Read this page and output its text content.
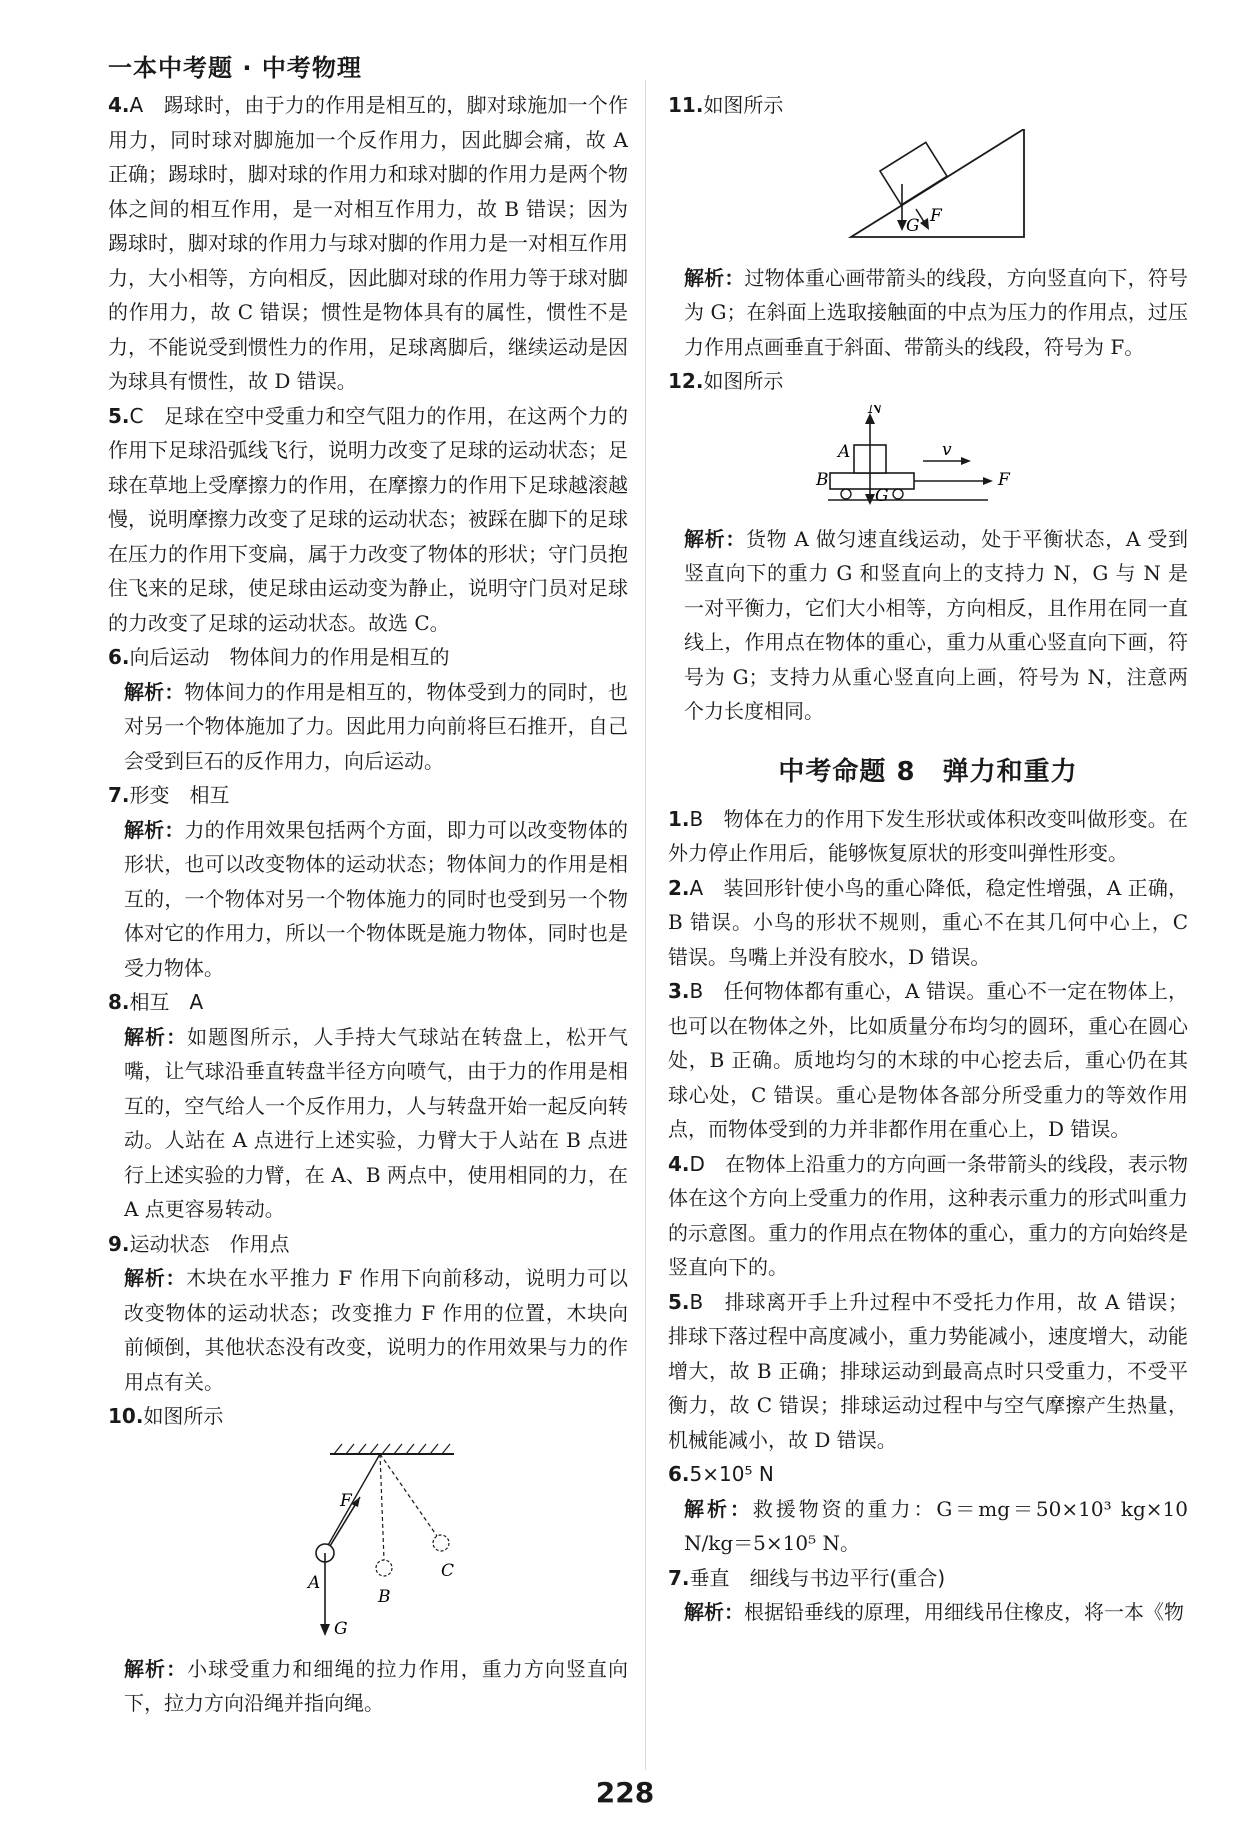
一本中考题 · 中考物理

4.A　 踢球时，由于力的作用是相互的，脚对球施加一个作用力，同时球对脚施加一个反作用力，因此脚会痛，故 A 正确；踢球时，脚对球的作用力和球对脚的作用力是两个物体之间的相互作用，是一对相互作用力，故 B 错误；因为踢球时，脚对球的作用力与球对脚的作用力是一对相互作用力，大小相等，方向相反，因此脚对球的作用力等于球对脚的作用力，故 C 错误；惯性是物体具有的属性，惯性不是力，不能说受到惯性力的作用，足球离脚后，继续运动是因为球具有惯性，故 D 错误。

5.C　 足球在空中受重力和空气阻力的作用，在这两个力的作用下足球沿弧线飞行，说明力改变了足球的运动状态；足球在草地上受摩擦力的作用，在摩擦力的作用下足球越滚越慢，说明摩擦力改变了足球的运动状态；被踩在脚下的足球在压力的作用下变扁，属于力改变了物体的形状；守门员抱住飞来的足球，使足球由运动变为静止，说明守门员对足球的力改变了足球的运动状态。故选 C。

6.向后运动　物体间力的作用是相互的

解析：物体间力的作用是相互的，物体受到力的同时，也对另一个物体施加了力。因此用力向前将巨石推开，自己会受到巨石的反作用力，向后运动。

7.形变　相互

解析：力的作用效果包括两个方面，即力可以改变物体的形状，也可以改变物体的运动状态；物体间力的作用是相互的，一个物体对另一个物体施力的同时也受到另一个物体对它的作用力，所以一个物体既是施力物体，同时也是受力物体。

8.相互　A

解析：如题图所示，人手持大气球站在转盘上，松开气嘴，让气球沿垂直转盘半径方向喷气，由于力的作用是相互的，空气给人一个反作用力，人与转盘开始一起反向转动。人站在 A 点进行上述实验，力臂大于人站在 B 点进行上述实验的力臂，在 A、B 两点中，使用相同的力，在 A 点更容易转动。

9.运动状态　作用点

解析：木块在水平推力 F 作用下向前移动，说明力可以改变物体的运动状态；改变推力 F 作用的位置，木块向前倾倒，其他状态没有改变，说明力的作用效果与力的作用点有关。

10.如图所示

F
A
B
C
G

解析：小球受重力和细绳的拉力作用，重力方向竖直向下，拉力方向沿绳并指向绳。

11.如图所示

G F

解析：过物体重心画带箭头的线段，方向竖直向下，符号为 G；在斜面上选取接触面的中点为压力的作用点，过压力作用点画垂直于斜面、带箭头的线段，符号为 F。

12.如图所示

N
A
B
G
v
F

解析：货物 A 做匀速直线运动，处于平衡状态，A 受到竖直向下的重力 G 和竖直向上的支持力 N，G 与 N 是一对平衡力，它们大小相等，方向相反，且作用在同一直线上，作用点在物体的重心，重力从重心竖直向下画，符号为 G；支持力从重心竖直向上画，符号为 N，注意两个力长度相同。

中考命题 8　弹力和重力

1.B　 物体在力的作用下发生形状或体积改变叫做形变。在外力停止作用后，能够恢复原状的形变叫弹性形变。

2.A　 装回形针使小鸟的重心降低，稳定性增强，A 正确，B 错误。小鸟的形状不规则，重心不在其几何中心上，C 错误。鸟嘴上并没有胶水，D 错误。

3.B　 任何物体都有重心，A 错误。重心不一定在物体上，也可以在物体之外，比如质量分布均匀的圆环，重心在圆心处，B 正确。质地均匀的木球的中心挖去后，重心仍在其球心处，C 错误。重心是物体各部分所受重力的等效作用点，而物体受到的力并非都作用在重心上，D 错误。

4.D　 在物体上沿重力的方向画一条带箭头的线段，表示物体在这个方向上受重力的作用，这种表示重力的形式叫重力的示意图。重力的作用点在物体的重心，重力的方向始终是竖直向下的。

5.B　 排球离开手上升过程中不受托力作用，故 A 错误；排球下落过程中高度减小，重力势能减小，速度增大，动能增大，故 B 正确；排球运动到最高点时只受重力，不受平衡力，故 C 错误；排球运动过程中与空气摩擦产生热量，机械能减小，故 D 错误。

6.5×10⁵ N

解析：救援物资的重力：G＝mg＝50×10³ kg×10 N/kg＝5×10⁵ N。

7.垂直　细线与书边平行(重合)

解析：根据铅垂线的原理，用细线吊住橡皮，将一本《物

228
